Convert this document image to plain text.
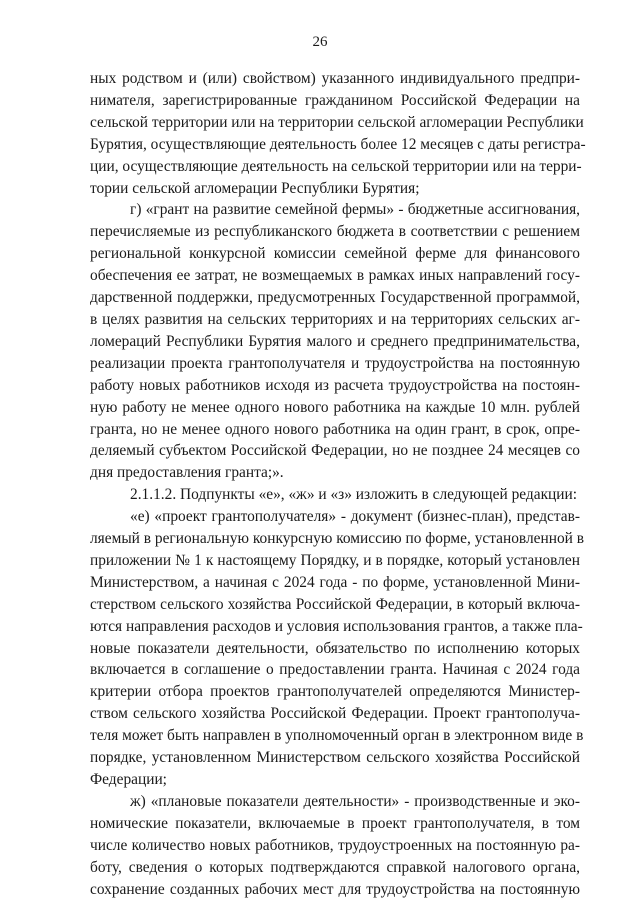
26
ных родством и (или) свойством) указанного индивидуального предпри-
нимателя, зарегистрированные гражданином Российской Федерации на
сельской территории или на территории сельской агломерации Республики
Бурятия, осуществляющие деятельность более 12 месяцев с даты регистра-
ции, осуществляющие деятельность на сельской территории или на терри-
тории сельской агломерации Республики Бурятия;
г) «грант на развитие семейной фермы» - бюджетные ассигнования,
перечисляемые из республиканского бюджета в соответствии с решением
региональной конкурсной комиссии семейной ферме для финансового
обеспечения ее затрат, не возмещаемых в рамках иных направлений госу-
дарственной поддержки, предусмотренных Государственной программой,
в целях развития на сельских территориях и на территориях сельских аг-
ломераций Республики Бурятия малого и среднего предпринимательства,
реализации проекта грантополучателя и трудоустройства на постоянную
работу новых работников исходя из расчета трудоустройства на постоян-
ную работу не менее одного нового работника на каждые 10 млн. рублей
гранта, но не менее одного нового работника на один грант, в срок, опре-
деляемый субъектом Российской Федерации, но не позднее 24 месяцев со
дня предоставления гранта;».
2.1.1.2. Подпункты «е», «ж» и «з» изложить в следующей редакции:
«е) «проект грантополучателя» - документ (бизнес-план), представ-
ляемый в региональную конкурсную комиссию по форме, установленной в
приложении № 1 к настоящему Порядку, и в порядке, который установлен
Министерством, а начиная с 2024 года - по форме, установленной Мини-
стерством сельского хозяйства Российской Федерации, в который включа-
ются направления расходов и условия использования грантов, а также пла-
новые показатели деятельности, обязательство по исполнению которых
включается в соглашение о предоставлении гранта. Начиная с 2024 года
критерии отбора проектов грантополучателей определяются Министер-
ством сельского хозяйства Российской Федерации. Проект грантополуча-
теля может быть направлен в уполномоченный орган в электронном виде в
порядке, установленном Министерством сельского хозяйства Российской
Федерации;
ж) «плановые показатели деятельности» - производственные и эко-
номические показатели, включаемые в проект грантополучателя, в том
числе количество новых работников, трудоустроенных на постоянную ра-
боту, сведения о которых подтверждаются справкой налогового органа,
сохранение созданных рабочих мест для трудоустройства на постоянную
